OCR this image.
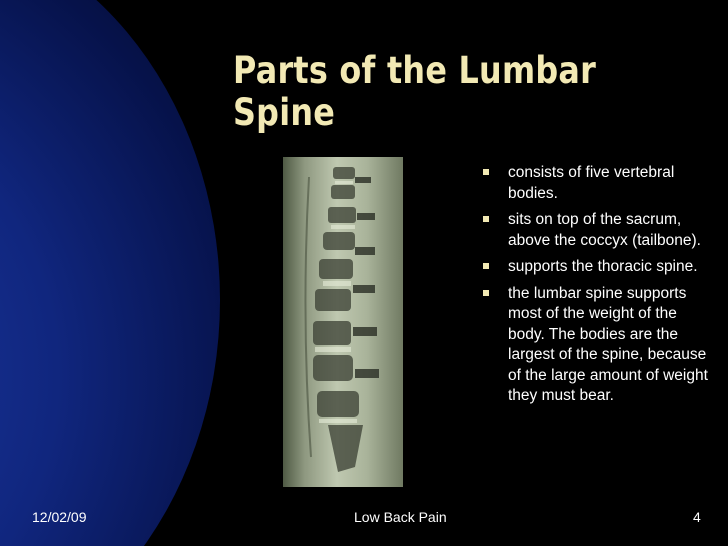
Parts of the Lumbar Spine
consists of five vertebral bodies.
sits on top of the sacrum, above the coccyx (tailbone).
supports the thoracic spine.
the lumbar spine supports most of the weight of the body. The bodies are the largest of the spine, because of the large amount of weight they must bear.
12/02/09	Low Back Pain	4
